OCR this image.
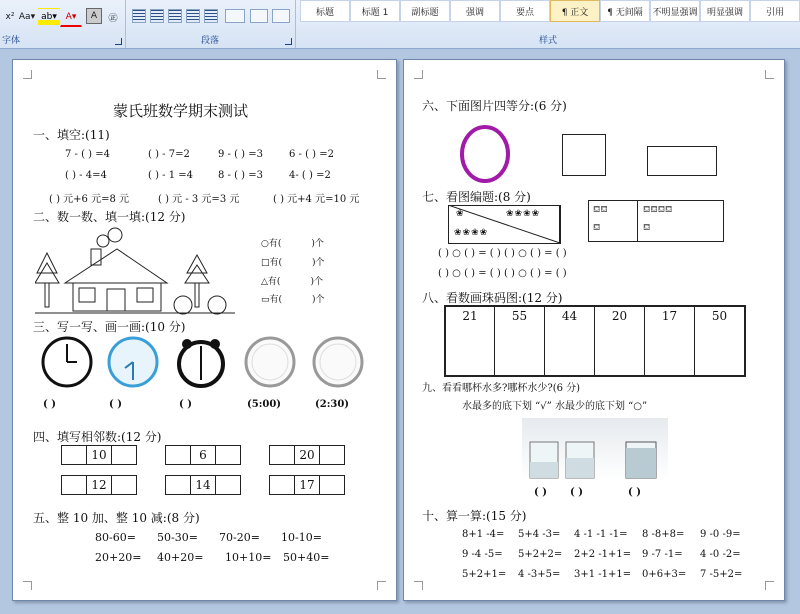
x² Aa▾ ab▾ A▾	A	㊣
字体	段落
标题	标题 1	副标题	强调	要点	¶ 正文	¶ 无间隔	不明显强调	明显强调	引用
样式
蒙氏班数学期末测试
一、填空:(11)
7 - ( ) =4	( ) - 7=2	9 - ( ) =3	6 - ( ) =2
( ) - 4=4	( ) - 1 =4	8 - ( ) =3	4- ( ) =2
( ) 元+6 元=8 元	( ) 元 - 3 元=3 元	( ) 元+4 元=10 元
二、数一数、填一填:(12 分)
○有(	)个
□有(	)个
△有(	)个
▭有(	)个
三、写一写、画一画:(10 分)
( )	( )	( )	(5:00)	(2:30)
四、填写相邻数:(12 分)
10	6	20
12	14	17
五、整 10 加、整 10 减:(8 分)
80-60= 50-30= 70-20= 10-10=
20+20= 40+20= 10+10= 50+40=
六、下面图片四等分:(6 分)
七、看图编题:(8 分)
❀	❀❀❀❀
❀❀❀❀
⛾⛾	⛾⛾⛾⛾
⛾	⛾
( ) ○ ( ) = ( ) ( ) ○ ( ) = ( )
( ) ○ ( ) = ( ) ( ) ○ ( ) = ( )
八、看数画珠码图:(12 分)
21	55	44	20	17	50
九、看看哪杯水多?哪杯水少?(6 分)
水最多的底下划 “√” 水最少的底下划 “○”
( ) ( )	( )
十、算一算:(15 分)
8+1 -4= 5+4 -3= 4 -1 -1 -1= 8 -8+8= 9 -0 -9=
9 -4 -5= 5+2+2= 2+2 -1+1= 9 -7 -1= 4 -0 -2=
5+2+1= 4 -3+5= 3+1 -1+1= 0+6+3= 7 -5+2=
